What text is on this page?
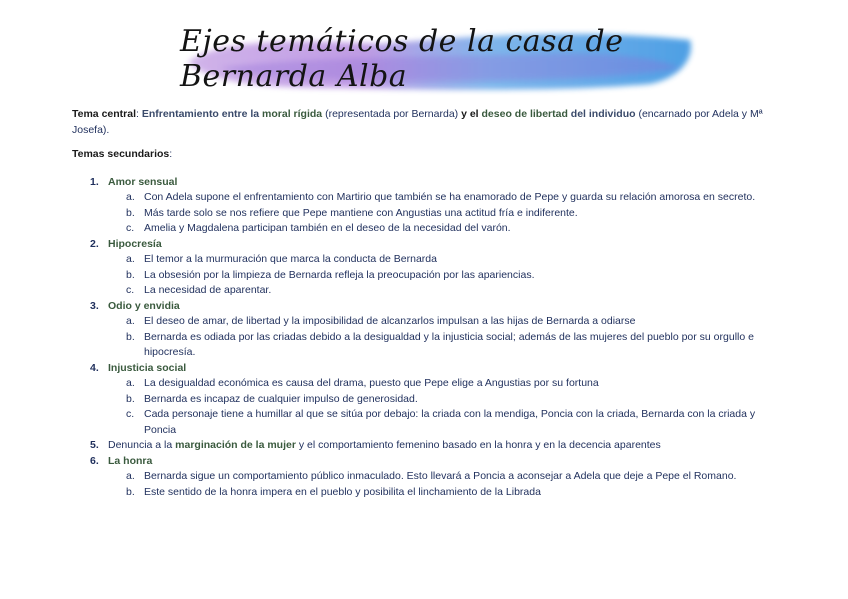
Ejes temáticos de la casa de Bernarda Alba

Tema central: Enfrentamiento entre la moral rígida (representada por Bernarda) y el deseo de libertad del individuo (encarnado por Adela y Mª Josefa).

Temas secundarios:

1. Amor sensual
a. Con Adela supone el enfrentamiento con Martirio que también se ha enamorado de Pepe y guarda su relación amorosa en secreto.
b. Más tarde solo se nos refiere que Pepe mantiene con Angustias una actitud fría e indiferente.
c. Amelia y Magdalena participan también en el deseo de la necesidad del varón.
2. Hipocresía
a. El temor a la murmuración que marca la conducta de Bernarda
b. La obsesión por la limpieza de Bernarda refleja la preocupación por las apariencias.
c. La necesidad de aparentar.
3. Odio y envidia
a. El deseo de amar, de libertad y la imposibilidad de alcanzarlos impulsan a las hijas de Bernarda a odiarse
b. Bernarda es odiada por las criadas debido a la desigualdad y la injusticia social; además de las mujeres del pueblo por su orgullo e hipocresía.
4. Injusticia social
a. La desigualdad económica es causa del drama, puesto que Pepe elige a Angustias por su fortuna
b. Bernarda es incapaz de cualquier impulso de generosidad.
c. Cada personaje tiene a humillar al que se sitúa por debajo: la criada con la mendiga, Poncia con la criada, Bernarda con la criada y Poncia
5. Denuncia a la marginación de la mujer y el comportamiento femenino basado en la honra y en la decencia aparentes
6. La honra
a. Bernarda sigue un comportamiento público inmaculado. Esto llevará a Poncia a aconsejar a Adela que deje a Pepe el Romano.
b. Este sentido de la honra impera en el pueblo y posibilita el linchamiento de la Librada
